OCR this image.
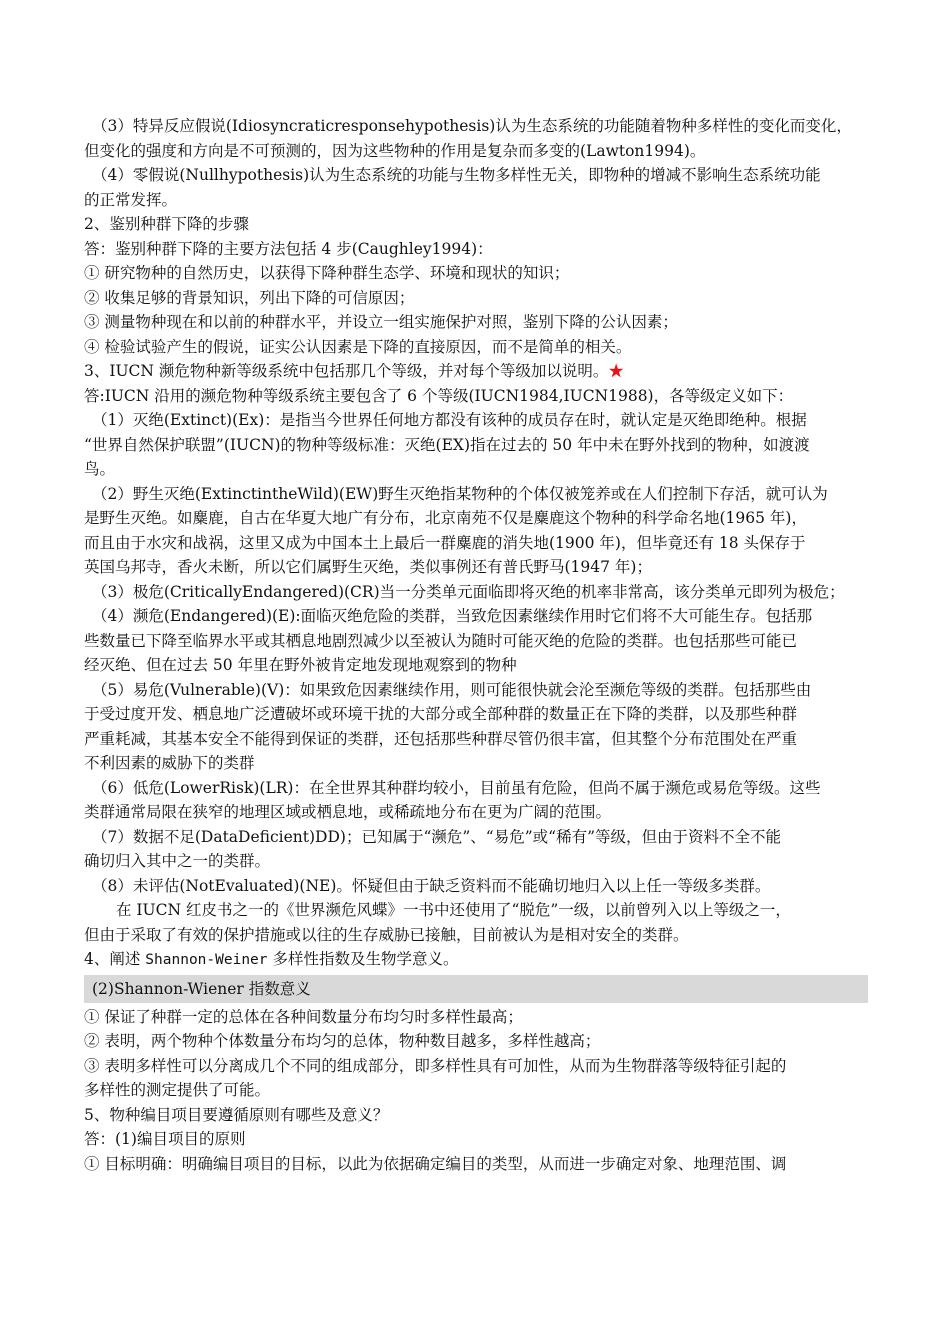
（3）特异反应假说(Idiosyncraticresponsehypothesis)认为生态系统的功能随着物种多样性的变化而变化，

但变化的强度和方向是不可预测的，因为这些物种的作用是复杂而多变的(Lawton1994)。

（4）零假说(Nullhypothesis)认为生态系统的功能与生物多样性无关，即物种的增减不影响生态系统功能

的正常发挥。

2、鉴别种群下降的步骤

答：鉴别种群下降的主要方法包括 4 步(Caughley1994)：

① 研究物种的自然历史，以获得下降种群生态学、环境和现状的知识；

② 收集足够的背景知识，列出下降的可信原因；

③ 测量物种现在和以前的种群水平，并设立一组实施保护对照，鉴别下降的公认因素；

④ 检验试验产生的假说，证实公认因素是下降的直接原因，而不是简单的相关。

3、IUCN 濒危物种新等级系统中包括那几个等级，并对每个等级加以说明。★

答:IUCN 沿用的濒危物种等级系统主要包含了 6 个等级(IUCN1984,IUCN1988)，各等级定义如下：

（1）灭绝(Extinct)(Ex)：是指当今世界任何地方都没有该种的成员存在时，就认定是灭绝即绝种。根据

“世界自然保护联盟”(IUCN)的物种等级标准：灭绝(EX)指在过去的 50 年中未在野外找到的物种，如渡渡

鸟。

（2）野生灭绝(ExtinctintheWild)(EW)野生灭绝指某物种的个体仅被笼养或在人们控制下存活，就可认为

是野生灭绝。如麋鹿，自古在华夏大地广有分布，北京南苑不仅是麋鹿这个物种的科学命名地(1965 年)，

而且由于水灾和战祸，这里又成为中国本土上最后一群麋鹿的消失地(1900 年)，但毕竟还有 18 头保存于

英国乌邦寺，香火未断，所以它们属野生灭绝，类似事例还有普氏野马(1947 年)；

（3）极危(CriticallyEndangered)(CR)当一分类单元面临即将灭绝的机率非常高，该分类单元即列为极危；

（4）濒危(Endangered)(E):面临灭绝危险的类群，当致危因素继续作用时它们将不大可能生存。包括那

些数量已下降至临界水平或其栖息地剧烈减少以至被认为随时可能灭绝的危险的类群。也包括那些可能已

经灭绝、但在过去 50 年里在野外被肯定地发现地观察到的物种

（5）易危(Vulnerable)(V)：如果致危因素继续作用，则可能很快就会沦至濒危等级的类群。包括那些由

于受过度开发、栖息地广泛遭破坏或环境干扰的大部分或全部种群的数量正在下降的类群，以及那些种群

严重耗减，其基本安全不能得到保证的类群，还包括那些种群尽管仍很丰富，但其整个分布范围处在严重

不利因素的威胁下的类群

（6）低危(LowerRisk)(LR)：在全世界其种群均较小，目前虽有危险，但尚不属于濒危或易危等级。这些

类群通常局限在狭窄的地理区域或栖息地，或稀疏地分布在更为广阔的范围。

（7）数据不足(DataDeficient)DD)；已知属于“濒危”、“易危”或“稀有”等级，但由于资料不全不能

确切归入其中之一的类群。

（8）未评估(NotEvaluated)(NE)。怀疑但由于缺乏资料而不能确切地归入以上任一等级多类群。

在 IUCN 红皮书之一的《世界濒危风蝶》一书中还使用了“脱危”一级，以前曾列入以上等级之一，

但由于采取了有效的保护措施或以往的生存威胁已接触，目前被认为是相对安全的类群。

4、阐述 Shannon-Weiner 多样性指数及生物学意义。

(2)Shannon-Wiener 指数意义

① 保证了种群一定的总体在各种间数量分布均匀时多样性最高；

② 表明，两个物种个体数量分布均匀的总体，物种数目越多，多样性越高；

③ 表明多样性可以分离成几个不同的组成部分，即多样性具有可加性，从而为生物群落等级特征引起的

多样性的测定提供了可能。

5、物种编目项目要遵循原则有哪些及意义？

答：(1)编目项目的原则

① 目标明确：明确编目项目的目标，以此为依据确定编目的类型，从而进一步确定对象、地理范围、调
